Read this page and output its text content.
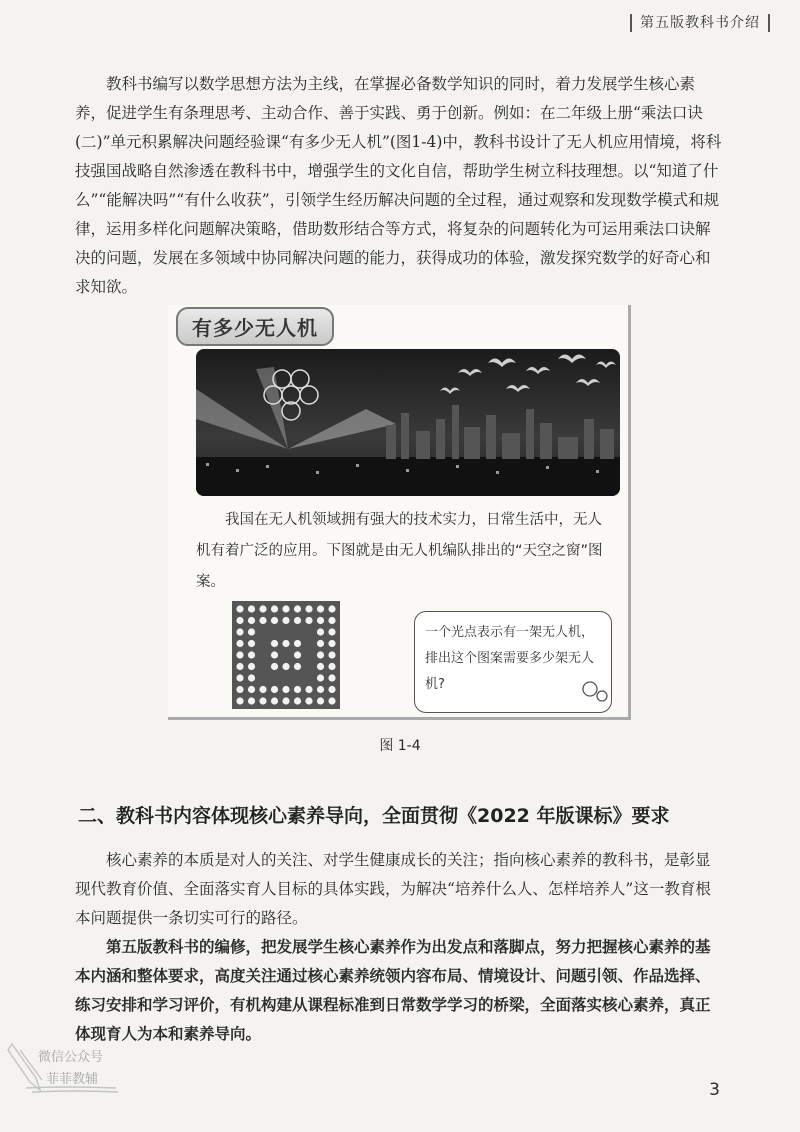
第五版教科书介绍

教科书编写以数学思想方法为主线，在掌握必备数学知识的同时，着力发展学生核心素养，促进学生有条理思考、主动合作、善于实践、勇于创新。例如：在二年级上册“乘法口诀(二)”单元积累解决问题经验课“有多少无人机”(图1-4)中，教科书设计了无人机应用情境，将科技强国战略自然渗透在教科书中，增强学生的文化自信，帮助学生树立科技理想。以“知道了什么”“能解决吗”“有什么收获”，引领学生经历解决问题的全过程，通过观察和发现数学模式和规律，运用多样化问题解决策略，借助数形结合等方式，将复杂的问题转化为可运用乘法口诀解决的问题，发展在多领域中协同解决问题的能力，获得成功的体验，激发探究数学的好奇心和求知欲。

有多少无人机

我国在无人机领域拥有强大的技术实力，日常生活中，无人机有着广泛的应用。下图就是由无人机编队排出的“天空之窗”图案。

一个光点表示有一架无人机，排出这个图案需要多少架无人机?
图 1-4
二、教科书内容体现核心素养导向，全面贯彻《2022 年版课标》要求

核心素养的本质是对人的关注、对学生健康成长的关注；指向核心素养的教科书，是彰显现代教育价值、全面落实育人目标的具体实践，为解决“培养什么人、怎样培养人”这一教育根本问题提供一条切实可行的路径。

第五版教科书的编修，把发展学生核心素养作为出发点和落脚点，努力把握核心素养的基本内涵和整体要求，高度关注通过核心素养统领内容布局、情境设计、问题引领、作品选择、练习安排和学习评价，有机构建从课程标准到日常数学学习的桥梁，全面落实核心素养，真正体现育人为本和素养导向。

微信公众号
菲菲教辅
3
